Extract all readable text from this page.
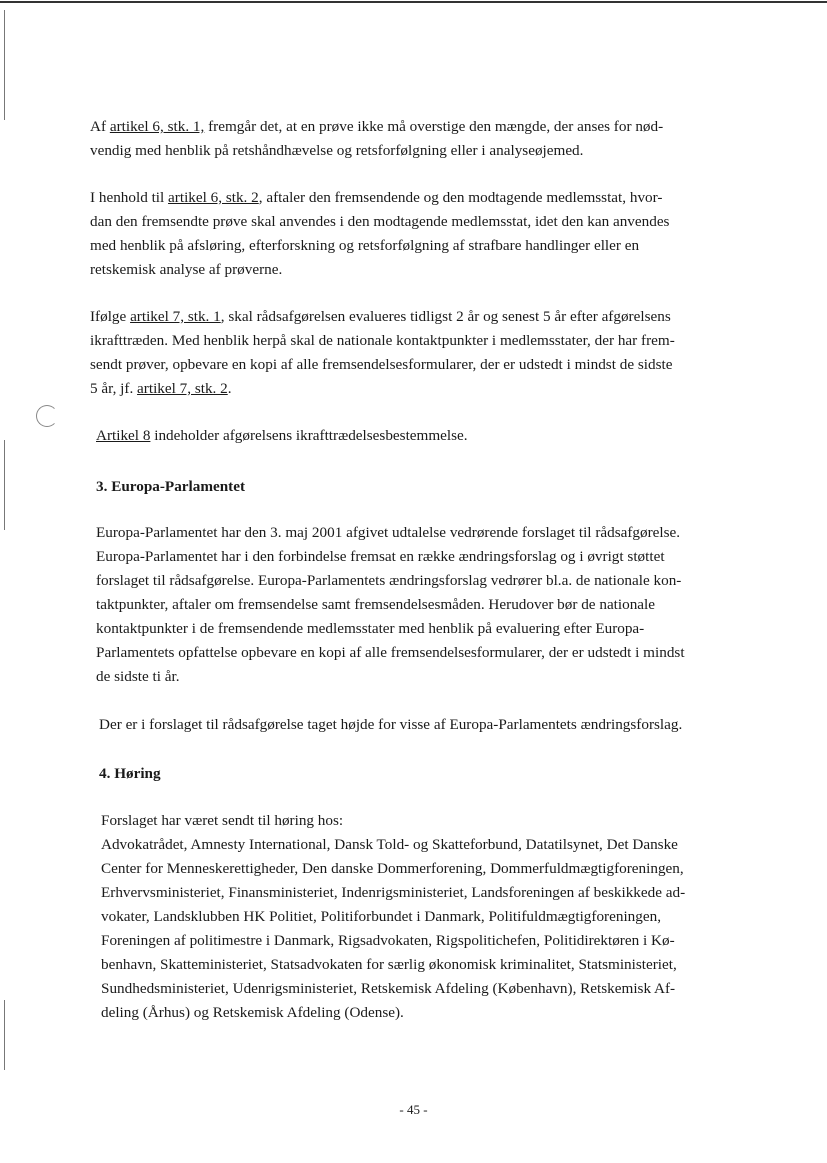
Af artikel 6, stk. 1, fremgår det, at en prøve ikke må overstige den mængde, der anses for nød-
vendig med henblik på retshåndhævelse og retsforfølgning eller i analyseøjemed.

I henhold til artikel 6, stk. 2, aftaler den fremsendende og den modtagende medlemsstat, hvor-
dan den fremsendte prøve skal anvendes i den modtagende medlemsstat, idet den kan anvendes
med henblik på afsløring, efterforskning og retsforfølgning af strafbare handlinger eller en
retskemisk analyse af prøverne.

Ifølge artikel 7, stk. 1, skal rådsafgørelsen evalueres tidligst 2 år og senest 5 år efter afgørelsens
ikrafttræden. Med henblik herpå skal de nationale kontaktpunkter i medlemsstater, der har frem-
sendt prøver, opbevare en kopi af alle fremsendelsesformularer, der er udstedt i mindst de sidste
5 år, jf. artikel 7, stk. 2.

Artikel 8 indeholder afgørelsens ikrafttrædelsesbestemmelse.

3. Europa-Parlamentet

Europa-Parlamentet har den 3. maj 2001 afgivet udtalelse vedrørende forslaget til rådsafgørelse.
Europa-Parlamentet har i den forbindelse fremsat en række ændringsforslag og i øvrigt støttet
forslaget til rådsafgørelse. Europa-Parlamentets ændringsforslag vedrører bl.a. de nationale kon-
taktpunkter, aftaler om fremsendelse samt fremsendelsesmåden. Herudover bør de nationale
kontaktpunkter i de fremsendende medlemsstater med henblik på evaluering efter Europa-
Parlamentets opfattelse opbevare en kopi af alle fremsendelsesformularer, der er udstedt i mindst
de sidste ti år.

Der er i forslaget til rådsafgørelse taget højde for visse af Europa-Parlamentets ændringsforslag.

4. Høring

Forslaget har været sendt til høring hos:

Advokatrådet, Amnesty International, Dansk Told- og Skatteforbund, Datatilsynet, Det Danske
Center for Menneskerettigheder, Den danske Dommerforening, Dommerfuldmægtigforeningen,
Erhvervsministeriet, Finansministeriet, Indenrigsministeriet, Landsforeningen af beskikkede ad-
vokater, Landsklubben HK Politiet, Politiforbundet i Danmark, Politifuldmægtigforeningen,
Foreningen af politimestre i Danmark, Rigsadvokaten, Rigspolitichefen, Politidirektøren i Kø-
benhavn, Skatteministeriet, Statsadvokaten for særlig økonomisk kriminalitet, Statsministeriet,
Sundhedsministeriet, Udenrigsministeriet, Retskemisk Afdeling (København), Retskemisk Af-
deling (Århus) og Retskemisk Afdeling (Odense).

- 45 -
